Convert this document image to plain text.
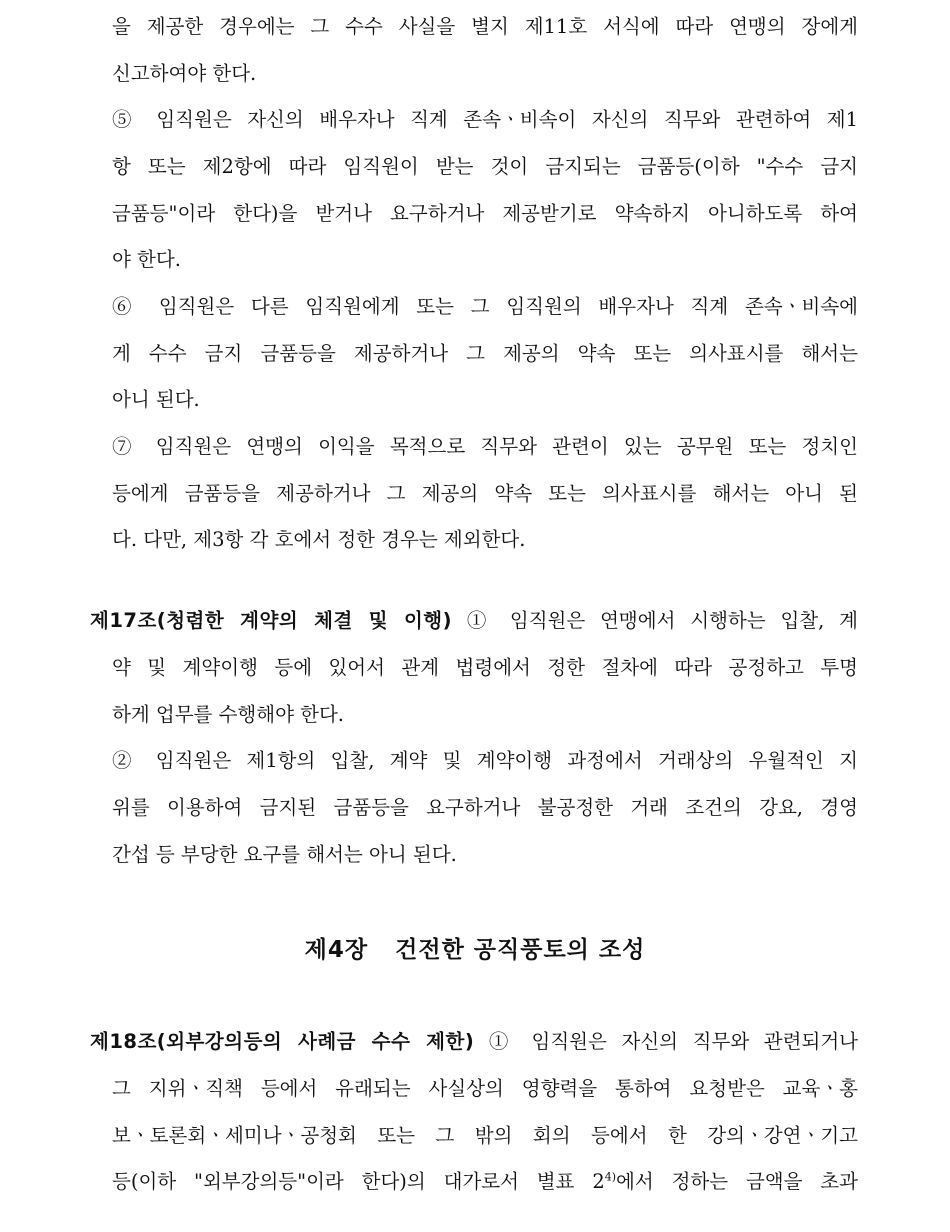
을 제공한 경우에는 그 수수 사실을 별지 제11호 서식에 따라 연맹의 장에게
신고하여야 한다.
⑤ 임직원은 자신의 배우자나 직계 존속ㆍ비속이 자신의 직무와 관련하여 제1
항 또는 제2항에 따라 임직원이 받는 것이 금지되는 금품등(이하 "수수 금지
금품등"이라 한다)을 받거나 요구하거나 제공받기로 약속하지 아니하도록 하여
야 한다.
⑥ 임직원은 다른 임직원에게 또는 그 임직원의 배우자나 직계 존속ㆍ비속에
게 수수 금지 금품등을 제공하거나 그 제공의 약속 또는 의사표시를 해서는
아니 된다.
⑦ 임직원은 연맹의 이익을 목적으로 직무와 관련이 있는 공무원 또는 정치인
등에게 금품등을 제공하거나 그 제공의 약속 또는 의사표시를 해서는 아니 된
다. 다만, 제3항 각 호에서 정한 경우는 제외한다.
제17조(청렴한 계약의 체결 및 이행) ① 임직원은 연맹에서 시행하는 입찰, 계
약 및 계약이행 등에 있어서 관계 법령에서 정한 절차에 따라 공정하고 투명
하게 업무를 수행해야 한다.
② 임직원은 제1항의 입찰, 계약 및 계약이행 과정에서 거래상의 우월적인 지
위를 이용하여 금지된 금품등을 요구하거나 불공정한 거래 조건의 강요, 경영
간섭 등 부당한 요구를 해서는 아니 된다.
제4장   건전한 공직풍토의 조성
제18조(외부강의등의 사례금 수수 제한) ① 임직원은 자신의 직무와 관련되거나
그 지위ㆍ직책 등에서 유래되는 사실상의 영향력을 통하여 요청받은 교육ㆍ홍
보ㆍ토론회ㆍ세미나ㆍ공청회 또는 그 밖의 회의 등에서 한 강의ㆍ강연ㆍ기고
등(이하 "외부강의등"이라 한다)의 대가로서 별표 2$^{4)}$에서 정하는 금액을 초과
